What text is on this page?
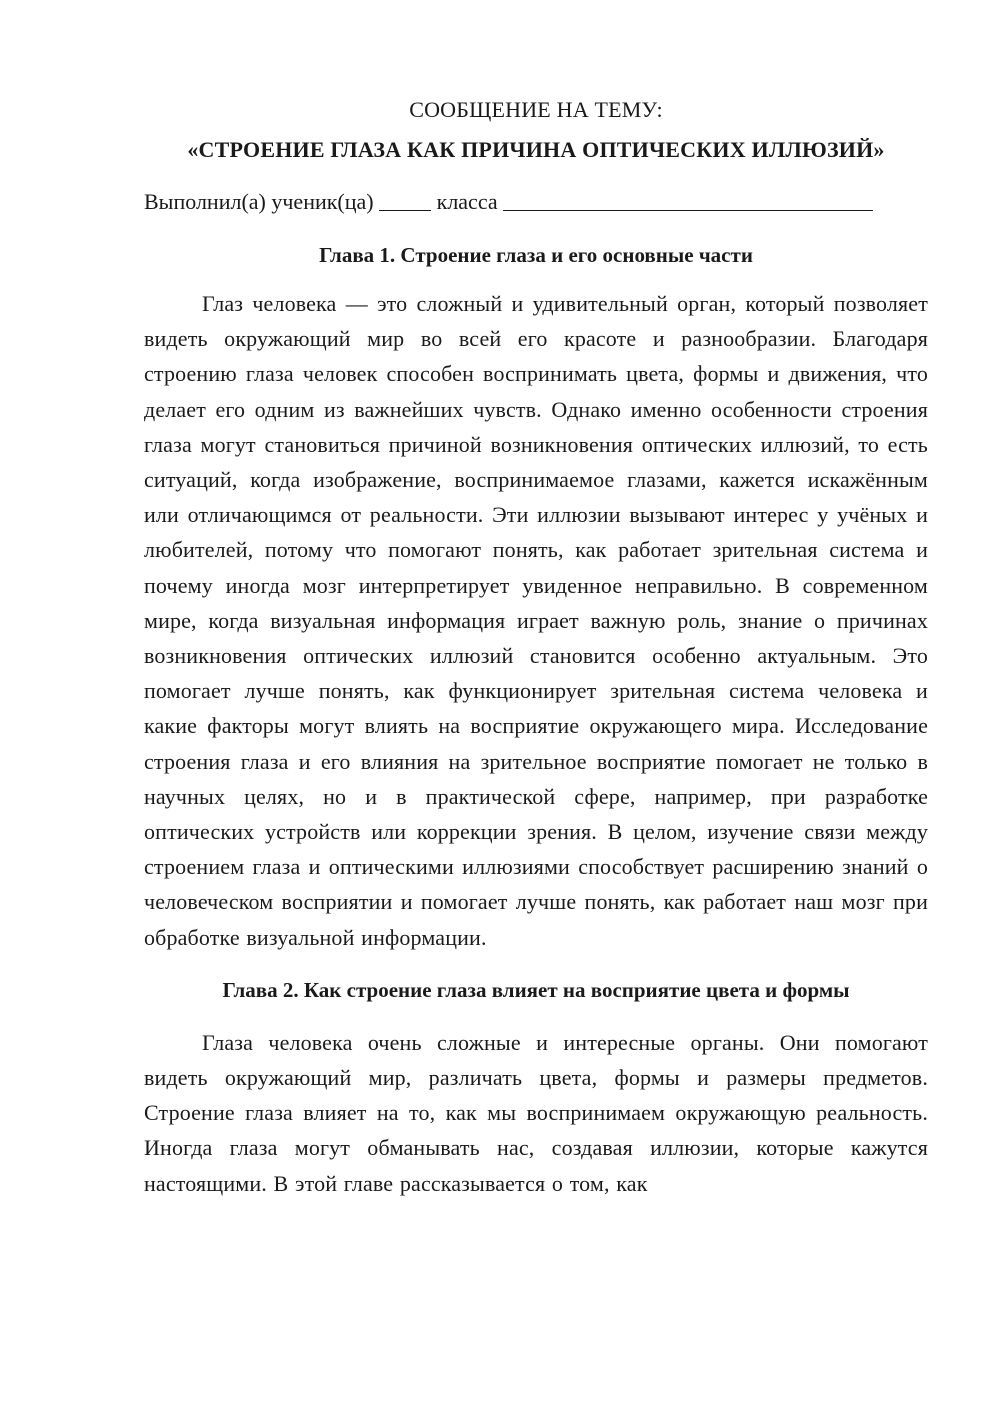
СООБЩЕНИЕ НА ТЕМУ:

«СТРОЕНИЕ ГЛАЗА КАК ПРИЧИНА ОПТИЧЕСКИХ ИЛЛЮЗИЙ»

Выполнил(а) ученик(ца)	класса
Глава 1. Строение глаза и его основные части

Глаз человека — это сложный и удивительный орган, который позволяет видеть окружающий мир во всей его красоте и разнообразии. Благодаря строению глаза человек способен воспринимать цвета, формы и движения, что делает его одним из важнейших чувств. Однако именно особенности строения глаза могут становиться причиной возникновения оптических иллюзий, то есть ситуаций, когда изображение, воспринимаемое глазами, кажется искажённым или отличающимся от реальности. Эти иллюзии вызывают интерес у учёных и любителей, потому что помогают понять, как работает зрительная система и почему иногда мозг интерпретирует увиденное неправильно. В современном мире, когда визуальная информация играет важную роль, знание о причинах возникновения оптических иллюзий становится особенно актуальным. Это помогает лучше понять, как функционирует зрительная система человека и какие факторы могут влиять на восприятие окружающего мира. Исследование строения глаза и его влияния на зрительное восприятие помогает не только в научных целях, но и в практической сфере, например, при разработке оптических устройств или коррекции зрения. В целом, изучение связи между строением глаза и оптическими иллюзиями способствует расширению знаний о человеческом восприятии и помогает лучше понять, как работает наш мозг при обработке визуальной информации.

Глава 2. Как строение глаза влияет на восприятие цвета и формы

Глаза человека очень сложные и интересные органы. Они помогают видеть окружающий мир, различать цвета, формы и размеры предметов. Строение глаза влияет на то, как мы воспринимаем окружающую реальность. Иногда глаза могут обманывать нас, создавая иллюзии, которые кажутся настоящими. В этой главе рассказывается о том, как
